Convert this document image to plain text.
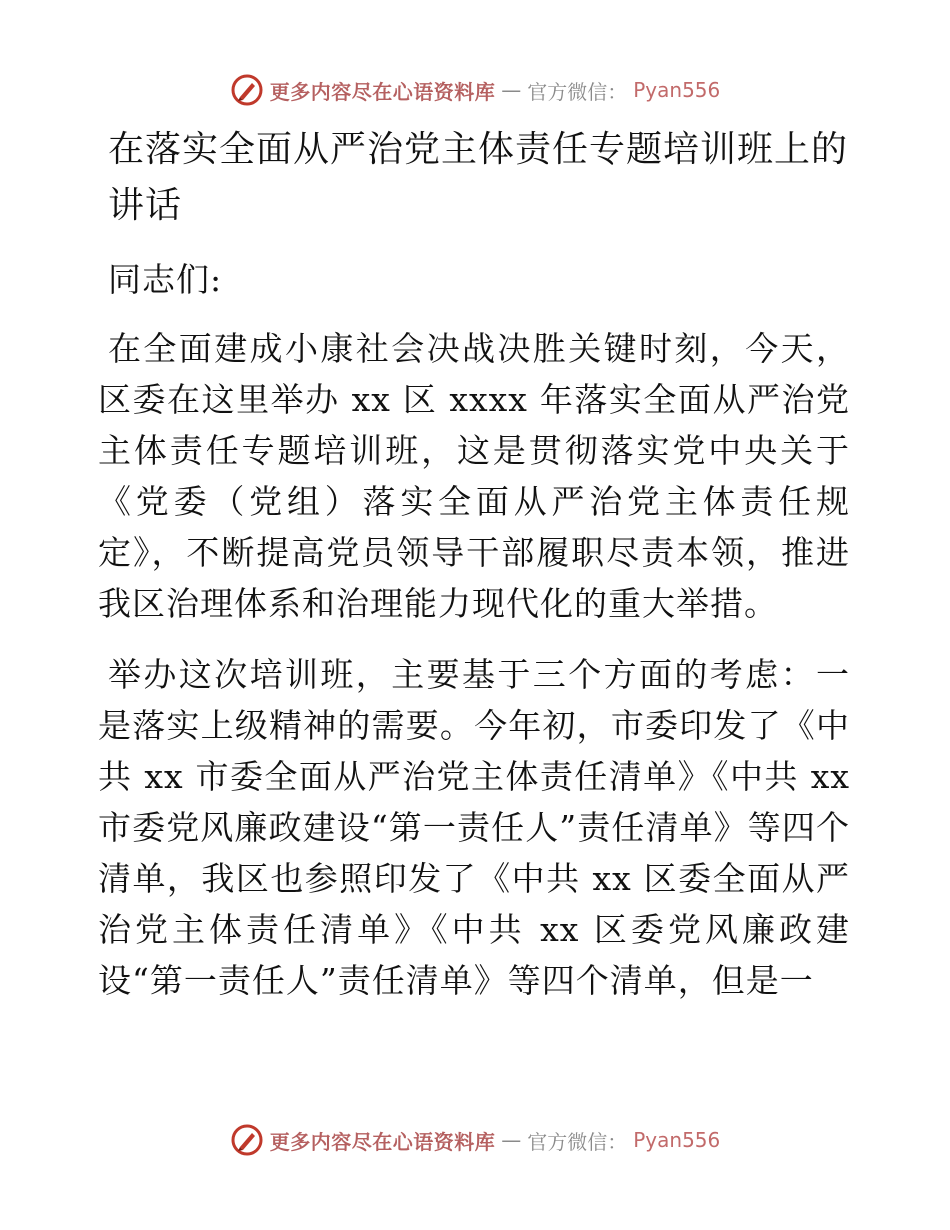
更多内容尽在心语资料库 — 官方微信： Pyan556
在落实全面从严治党主体责任专题培训班上的讲话

同志们:

在全面建成小康社会决战决胜关键时刻，今天，区委在这里举办 xx 区 xxxx 年落实全面从严治党主体责任专题培训班，这是贯彻落实党中央关于《党委（党组）落实全面从严治党主体责任规定》，不断提高党员领导干部履职尽责本领，推进我区治理体系和治理能力现代化的重大举措。

举办这次培训班，主要基于三个方面的考虑：一是落实上级精神的需要。今年初，市委印发了《中共 xx 市委全面从严治党主体责任清单》《中共 xx 市委党风廉政建设“第一责任人”责任清单》等四个清单，我区也参照印发了《中共 xx 区委全面从严治党主体责任清单》《中共 xx 区委党风廉政建设“第一责任人”责任清单》等四个清单，但是一

更多内容尽在心语资料库 — 官方微信： Pyan556
